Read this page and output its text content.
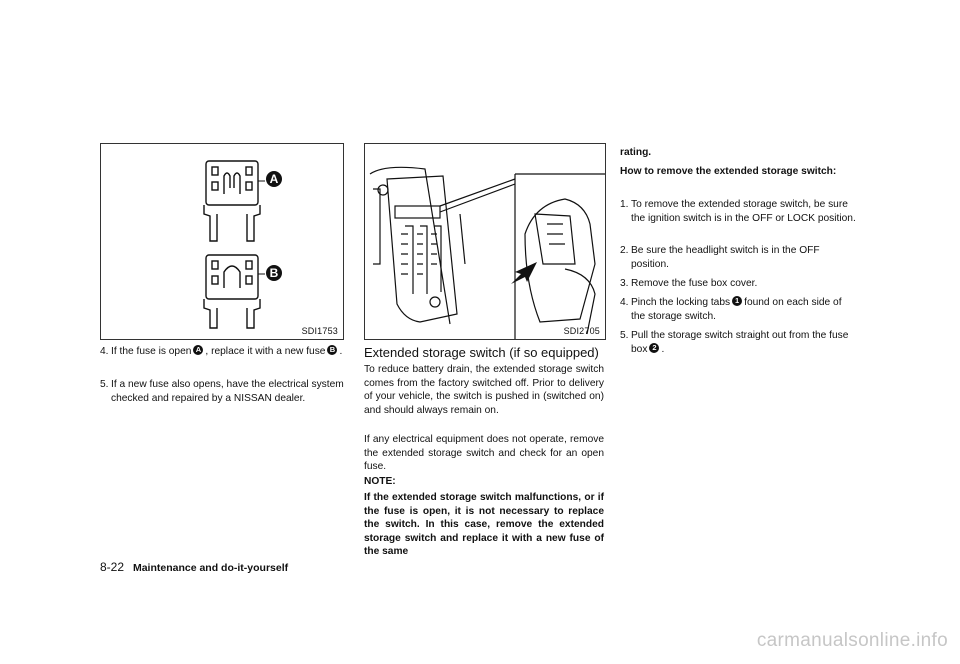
A
B
SDI1753	SDI2705
4. If the fuse is open A , replace it with a new fuse B .
5. If a new fuse also opens, have the electrical system checked and repaired by a NISSAN dealer.
Extended storage switch (if so equipped)
To reduce battery drain, the extended storage switch comes from the factory switched off. Prior to delivery of your vehicle, the switch is pushed in (switched on) and should always remain on.
If any electrical equipment does not operate, remove the extended storage switch and check for an open fuse.
NOTE:
If the extended storage switch malfunctions, or if the fuse is open, it is not necessary to replace the switch. In this case, remove the extended storage switch and replace it with a new fuse of the same
rating.
How to remove the extended storage switch:
1. To remove the extended storage switch, be sure the ignition switch is in the OFF or LOCK position.
2. Be sure the headlight switch is in the OFF position.
3. Remove the fuse box cover.
4. Pinch the locking tabs 1 found on each side of the storage switch.
5. Pull the storage switch straight out from the fuse box 2 .
8-22 Maintenance and do-it-yourself
carmanualsonline.info
